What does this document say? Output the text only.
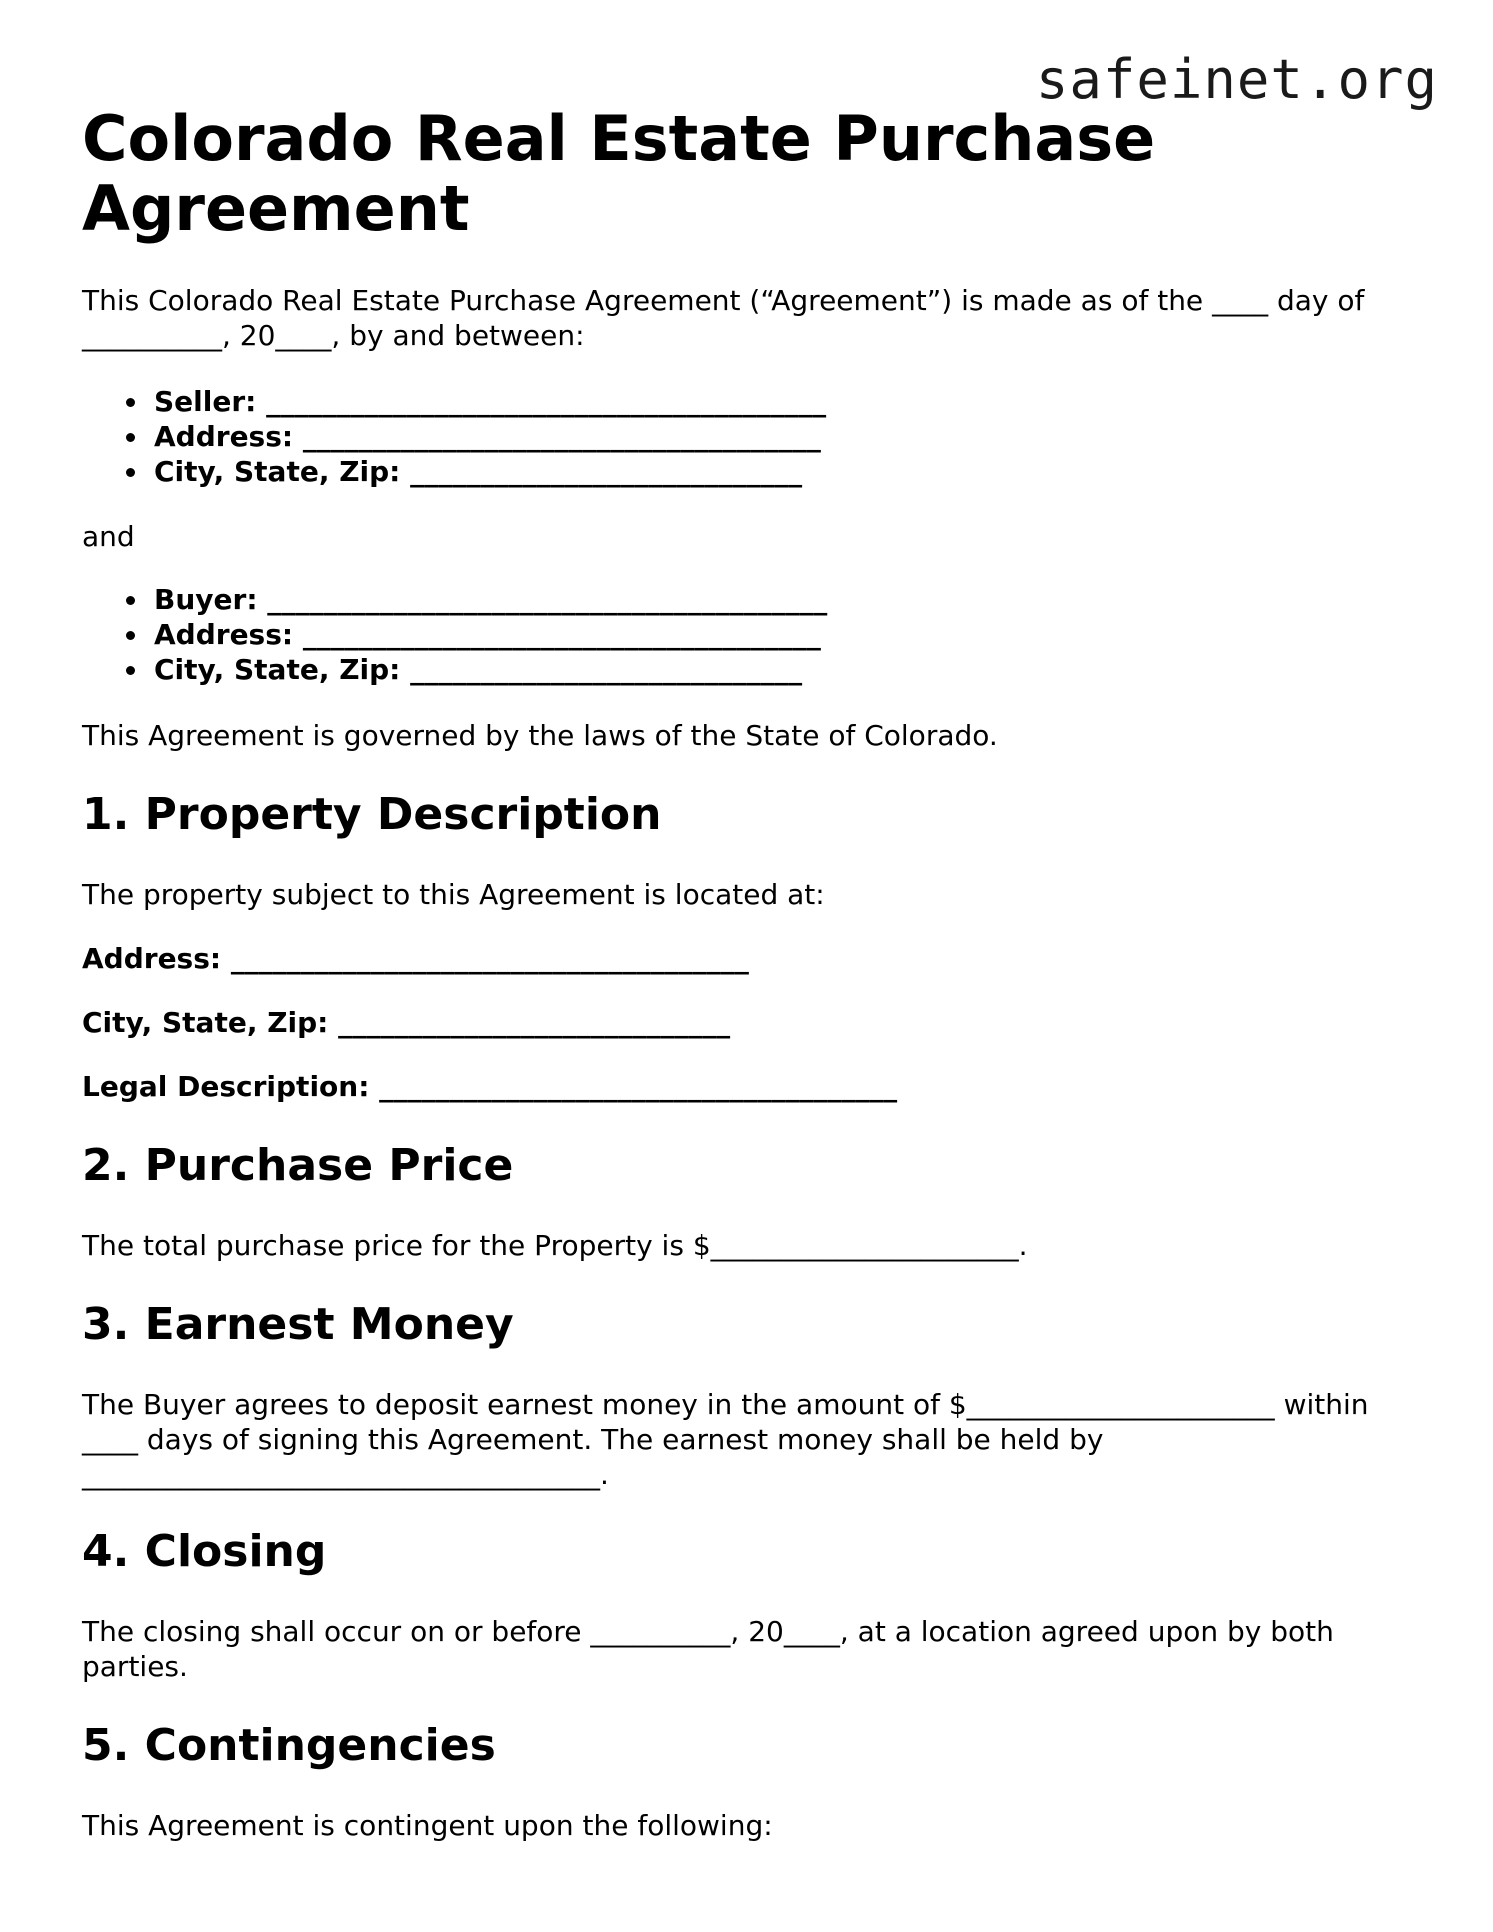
safeinet.org
Colorado Real Estate Purchase Agreement
This Colorado Real Estate Purchase Agreement (“Agreement”) is made as of the ____ day of __________, 20____, by and between:
Seller: ________________________________________
Address: _____________________________________
City, State, Zip: ____________________________
and
Buyer: ________________________________________
Address: _____________________________________
City, State, Zip: ____________________________
This Agreement is governed by the laws of the State of Colorado.
1. Property Description
The property subject to this Agreement is located at:
Address: _____________________________________
City, State, Zip: ____________________________
Legal Description: _____________________________________
2. Purchase Price
The total purchase price for the Property is $______________________.
3. Earnest Money
The Buyer agrees to deposit earnest money in the amount of $______________________ within ____ days of signing this Agreement. The earnest money shall be held by _____________________________________.
4. Closing
The closing shall occur on or before __________, 20____, at a location agreed upon by both parties.
5. Contingencies
This Agreement is contingent upon the following:
